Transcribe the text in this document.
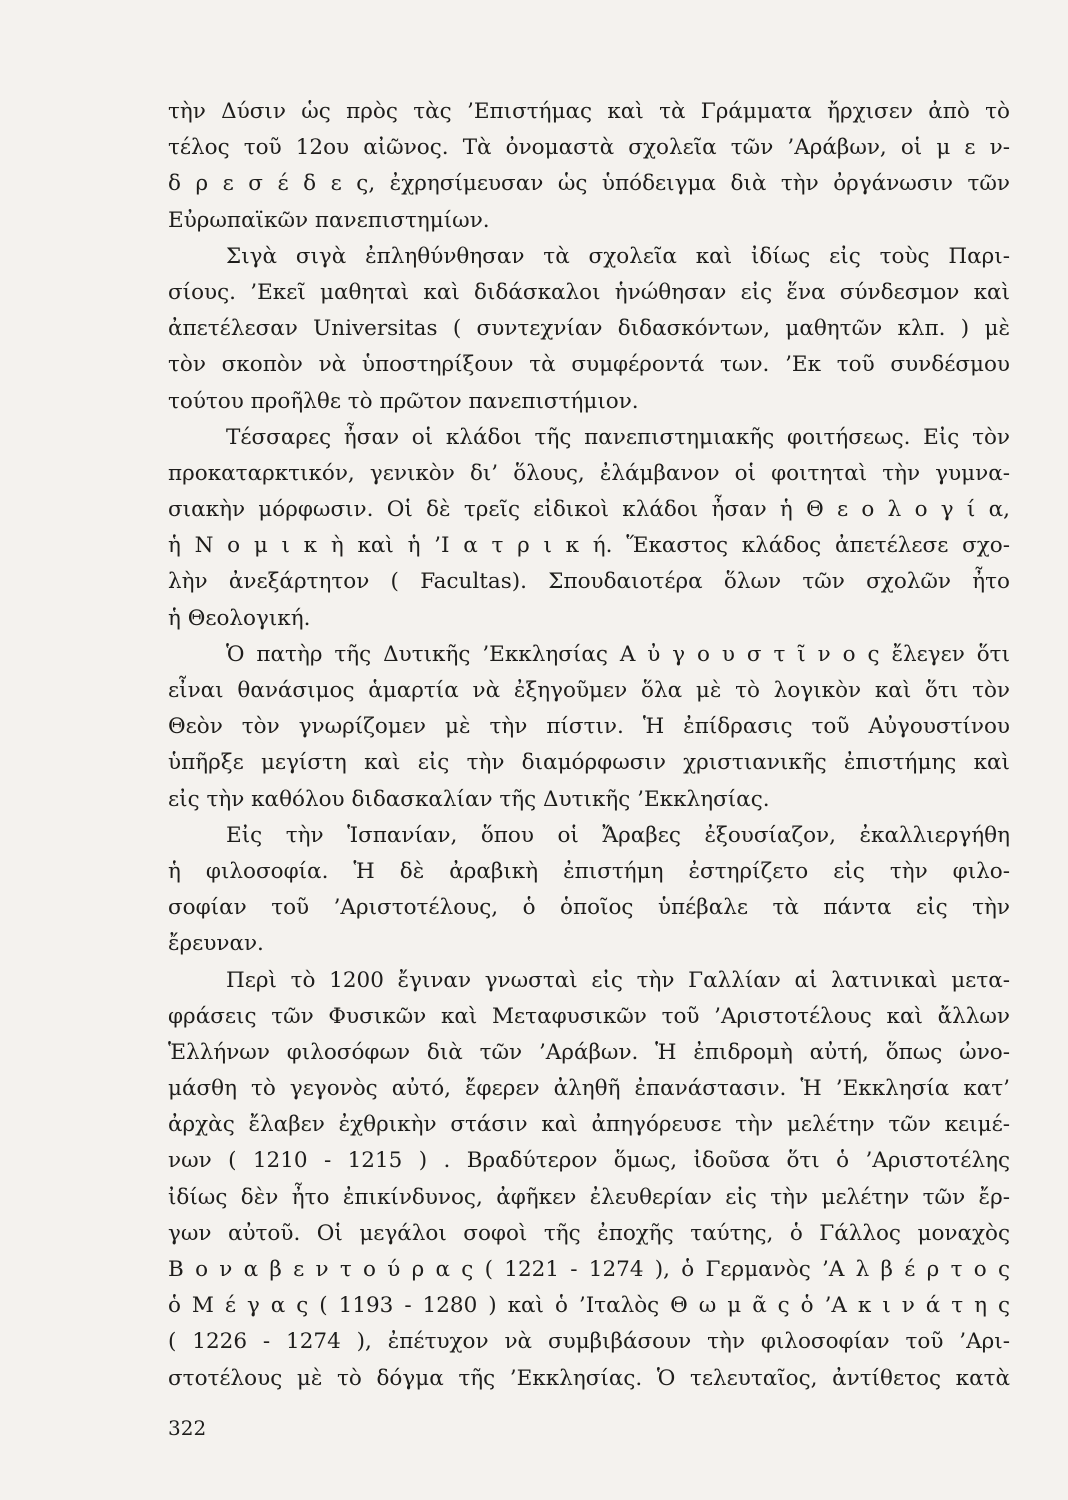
τὴν Δύσιν ὡς πρὸς τὰς ’Επιστήμας καὶ τὰ Γράμματα ἤρχισεν ἀπὸ τὸ
τέλος τοῦ 12ου αἰῶνος. Τὰ ὀνομαστὰ σχολεῖα τῶν ’Αράβων, οἱ μ ε ν-
δ ρ ε σ έ δ ε ς, ἐχρησίμευσαν ὡς ὑπόδειγμα διὰ τὴν ὀργάνωσιν τῶν
Εὐρωπαϊκῶν πανεπιστημίων.
Σιγὰ σιγὰ ἐπληθύνθησαν τὰ σχολεῖα καὶ ἰδίως εἰς τοὺς Παρι-
σίους. ’Εκεῖ μαθηταὶ καὶ διδάσκαλοι ἡνώθησαν εἰς ἕνα σύνδεσμον καὶ
ἀπετέλεσαν Universitas ( συντεχνίαν διδασκόντων, μαθητῶν κλπ. ) μὲ
τὸν σκοπὸν νὰ ὑποστηρίξουν τὰ συμφέροντά των. ’Εκ τοῦ συνδέσμου
τούτου προῆλθε τὸ πρῶτον πανεπιστήμιον.
Τέσσαρες ἦσαν οἱ κλάδοι τῆς πανεπιστημιακῆς φοιτήσεως. Εἰς τὸν
προκαταρκτικόν, γενικὸν δι’ ὅλους, ἐλάμβανον οἱ φοιτηταὶ τὴν γυμνα-
σιακὴν μόρφωσιν. Οἱ δὲ τρεῖς εἰδικοὶ κλάδοι ἦσαν ἡ Θ ε ο λ ο γ ί α,
ἡ Ν ο μ ι κ ὴ καὶ ἡ ’Ι α τ ρ ι κ ή. Ἕκαστος κλάδος ἀπετέλεσε σχο-
λὴν ἀνεξάρτητον ( Facultas). Σπουδαιοτέρα ὅλων τῶν σχολῶν ἦτο
ἡ Θεολογική.
Ὁ πατὴρ τῆς Δυτικῆς ’Εκκλησίας Α ὐ γ ο υ σ τ ῖ ν ο ς ἔλεγεν ὅτι
εἶναι θανάσιμος ἁμαρτία νὰ ἐξηγοῦμεν ὅλα μὲ τὸ λογικὸν καὶ ὅτι τὸν
Θεὸν τὸν γνωρίζομεν μὲ τὴν πίστιν. Ἡ ἐπίδρασις τοῦ Αὐγουστίνου
ὑπῆρξε μεγίστη καὶ εἰς τὴν διαμόρφωσιν χριστιανικῆς ἐπιστήμης καὶ
εἰς τὴν καθόλου διδασκαλίαν τῆς Δυτικῆς ’Εκκλησίας.
Εἰς τὴν Ἱσπανίαν, ὅπου οἱ Ἄραβες ἐξουσίαζον, ἐκαλλιεργήθη
ἡ φιλοσοφία. Ἡ δὲ ἀραβικὴ ἐπιστήμη ἐστηρίζετο εἰς τὴν φιλο-
σοφίαν τοῦ ’Αριστοτέλους, ὁ ὁποῖος ὑπέβαλε τὰ πάντα εἰς τὴν
ἔρευναν.
Περὶ τὸ 1200 ἔγιναν γνωσταὶ εἰς τὴν Γαλλίαν αἱ λατινικαὶ μετα-
φράσεις τῶν Φυσικῶν καὶ Μεταφυσικῶν τοῦ ’Αριστοτέλους καὶ ἄλλων
Ἑλλήνων φιλοσόφων διὰ τῶν ’Αράβων. Ἡ ἐπιδρομὴ αὐτή, ὅπως ὠνο-
μάσθη τὸ γεγονὸς αὐτό, ἔφερεν ἀληθῆ ἐπανάστασιν. Ἡ ’Εκκλησία κατ’
ἀρχὰς ἔλαβεν ἐχθρικὴν στάσιν καὶ ἀπηγόρευσε τὴν μελέτην τῶν κειμέ-
νων ( 1210 - 1215 ) . Βραδύτερον ὅμως, ἰδοῦσα ὅτι ὁ ’Αριστοτέλης
ἰδίως δὲν ἦτο ἐπικίνδυνος, ἀφῆκεν ἐλευθερίαν εἰς τὴν μελέτην τῶν ἔρ-
γων αὐτοῦ. Οἱ μεγάλοι σοφοὶ τῆς ἐποχῆς ταύτης, ὁ Γάλλος μοναχὸς
Β ο ν α β ε ν τ ο ύ ρ α ς ( 1221 - 1274 ), ὁ Γερμανὸς ’Α λ β έ ρ τ ο ς
ὁ Μ έ γ α ς ( 1193 - 1280 ) καὶ ὁ ’Ιταλὸς Θ ω μ ᾶ ς ὁ ’Α κ ι ν ά τ η ς
( 1226 - 1274 ), ἐπέτυχον νὰ συμβιβάσουν τὴν φιλοσοφίαν τοῦ ’Αρι-
στοτέλους μὲ τὸ δόγμα τῆς ’Εκκλησίας. Ὁ τελευταῖος, ἀντίθετος κατὰ
322
